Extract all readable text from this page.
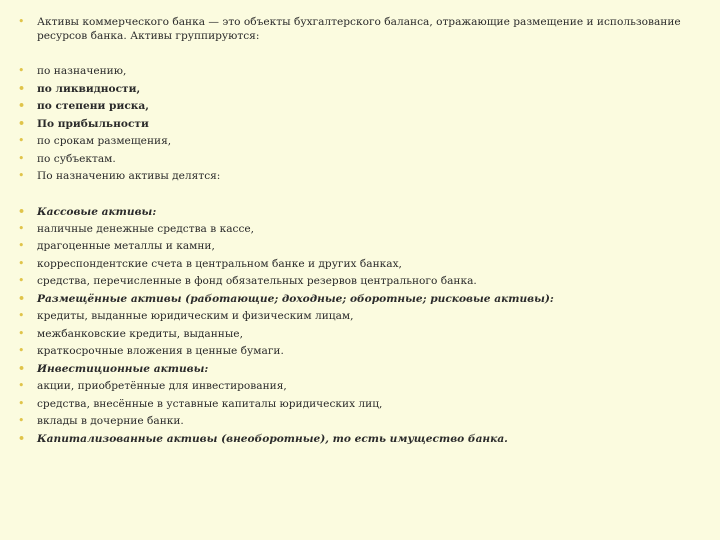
• Активы коммерческого банка — это объекты бухгалтерского баланса, отражающие размещение и использование ресурсов банка. Активы группируются:
• по назначению,
• по ликвидности,
• по степени риска,
• По прибыльности
• по срокам размещения,
• по субъектам.
• По назначению активы делятся:
• Кассовые активы:
• наличные денежные средства в кассе,
• драгоценные металлы и камни,
• корреспондентские счета в центральном банке и других банках,
• средства, перечисленные в фонд обязательных резервов центрального банка.
• Размещённые активы (работающие; доходные; оборотные; рисковые активы):
• кредиты, выданные юридическим и физическим лицам,
• межбанковские кредиты, выданные,
• краткосрочные вложения в ценные бумаги.
• Инвестиционные активы:
• акции, приобретённые для инвестирования,
• средства, внесённые в уставные капиталы юридических лиц,
• вклады в дочерние банки.
• Капитализованные активы (внеоборотные), то есть имущество банка.
